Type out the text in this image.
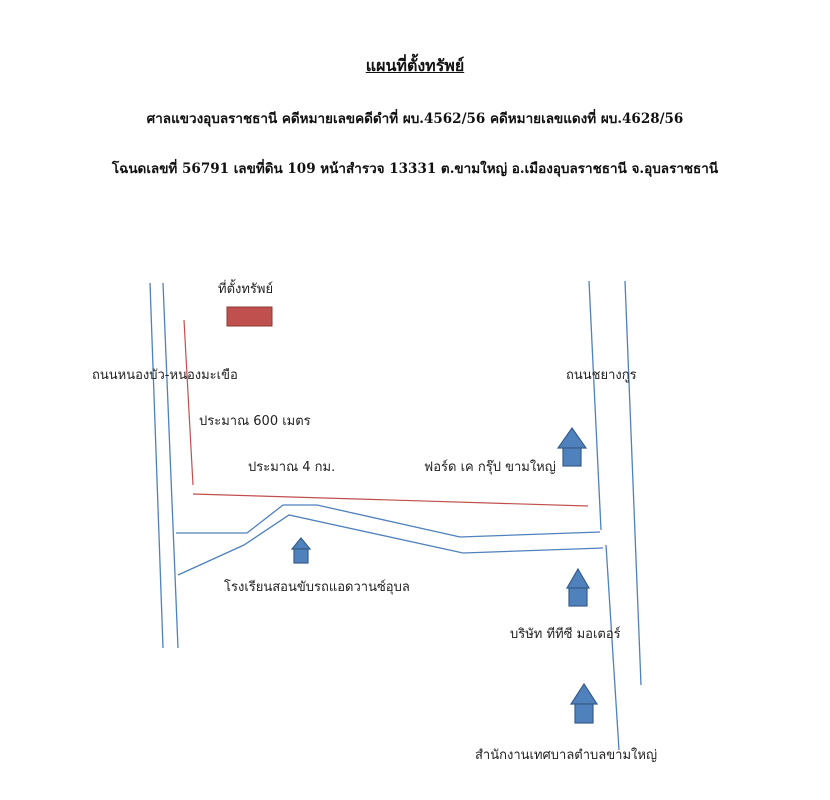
แผนที่ตั้งทรัพย์
ศาลแขวงอุบลราชธานี คดีหมายเลขคดีดำที่ ผบ.4562/56 คดีหมายเลขแดงที่ ผบ.4628/56
โฉนดเลขที่ 56791 เลขที่ดิน 109 หน้าสำรวจ 13331 ต.ขามใหญ่ อ.เมืองอุบลราชธานี จ.อุบลราชธานี
ที่ตั้งทรัพย์
ถนนหนองบัว-หนองมะเขือ	ถนนชยางกูร
ประมาณ 600 เมตร
ประมาณ 4 กม.	ฟอร์ด เค กรุ๊ป ขามใหญ่
โรงเรียนสอนขับรถแอดวานซ์อุบล
บริษัท ทีทีซี มอเตอร์
สำนักงานเทศบาลตำบลขามใหญ่
